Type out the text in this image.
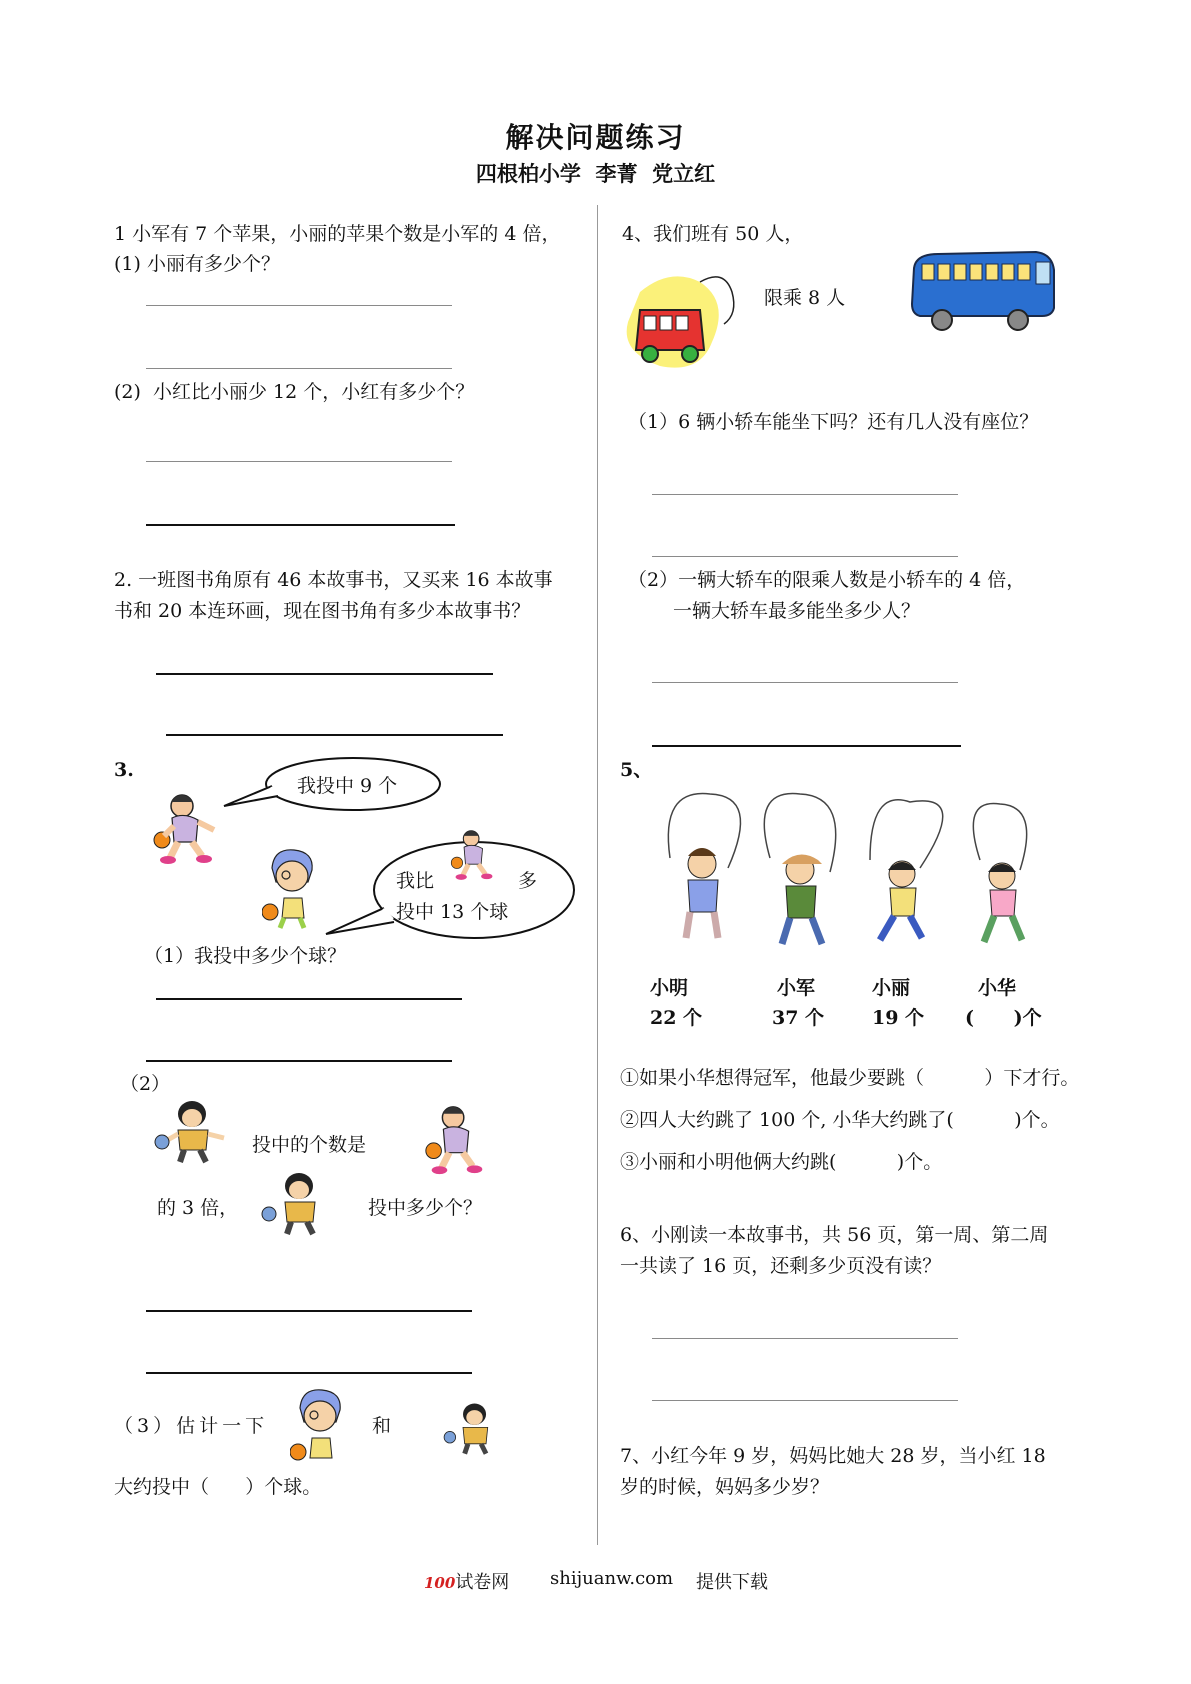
解决问题练习
四根柏小学  李菁  党立红
1 小军有 7 个苹果，小丽的苹果个数是小军的 4 倍，
(1) 小丽有多少个？
(2)  小红比小丽少 12 个，小红有多少个？
2. 一班图书角原有 46 本故事书，又买来 16 本故事
书和 20 本连环画，现在图书角有多少本故事书？
3.
我投中 9 个
我比	多
投中 13 个球
（1）我投中多少个球？
（2）
投中的个数是
的 3 倍，	投中多少个？
（3）估计一下	和
大约投中（      ）个球。
4、我们班有 50 人，
限乘 8 人
（1）6 辆小轿车能坐下吗？还有几人没有座位？
（2）一辆大轿车的限乘人数是小轿车的 4 倍，
一辆大轿车最多能坐多少人？
5、
小明	小军	小丽	小华
22 个	37 个	19 个 (      )个
①如果小华想得冠军，他最少要跳（          ）下才行。
②四人大约跳了 100 个, 小华大约跳了(          )个。
③小丽和小明他俩大约跳(          )个。
6、小刚读一本故事书，共 56 页，第一周、第二周
一共读了 16 页，还剩多少页没有读？
7、小红今年 9 岁，妈妈比她大 28 岁，当小红 18
岁的时候，妈妈多少岁？
100试卷网 shijuanw.com 提供下载
